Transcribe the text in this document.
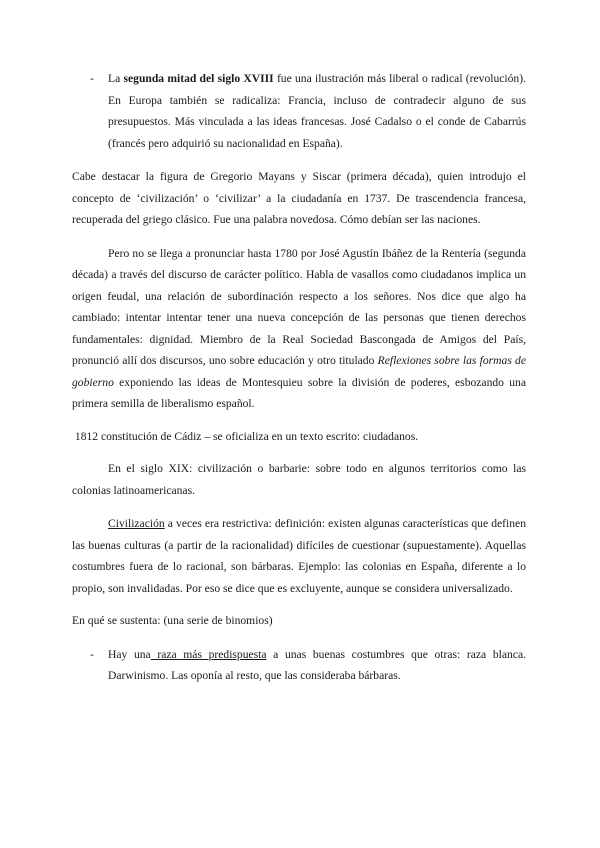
- La segunda mitad del siglo XVIII fue una ilustración más liberal o radical (revolución). En Europa también se radicaliza: Francia, incluso de contradecir alguno de sus presupuestos. Más vinculada a las ideas francesas. José Cadalso o el conde de Cabarrús (francés pero adquirió su nacionalidad en España).

Cabe destacar la figura de Gregorio Mayans y Siscar (primera década), quien introdujo el concepto de ‘civilización’ o ‘civilizar’ a la ciudadanía en 1737. De trascendencia francesa, recuperada del griego clásico. Fue una palabra novedosa. Cómo debían ser las naciones.

Pero no se llega a pronunciar hasta 1780 por José Agustín Ibáñez de la Rentería (segunda década) a través del discurso de carácter político. Habla de vasallos como ciudadanos implica un origen feudal, una relación de subordinación respecto a los señores. Nos dice que algo ha cambiado: intentar intentar tener una nueva concepción de las personas que tienen derechos fundamentales: dignidad. Miembro de la Real Sociedad Bascongada de Amigos del País, pronunció allí dos discursos, uno sobre educación y otro titulado Reflexiones sobre las formas de gobierno exponiendo las ideas de Montesquieu sobre la división de poderes, esbozando una primera semilla de liberalismo español.

1812 constitución de Cádiz – se oficializa en un texto escrito: ciudadanos.

En el siglo XIX: civilización o barbarie: sobre todo en algunos territorios como las colonias latinoamericanas.

Civilización a veces era restrictiva: definición: existen algunas características que definen las buenas culturas (a partir de la racionalidad) difíciles de cuestionar (supuestamente). Aquellas costumbres fuera de lo racional, son bárbaras. Ejemplo: las colonias en España, diferente a lo propio, son invalidadas. Por eso se dice que es excluyente, aunque se considera universalizado.

En qué se sustenta: (una serie de binomios)

- Hay una raza más predispuesta a unas buenas costumbres que otras: raza blanca. Darwinismo. Las oponía al resto, que las consideraba bárbaras.
